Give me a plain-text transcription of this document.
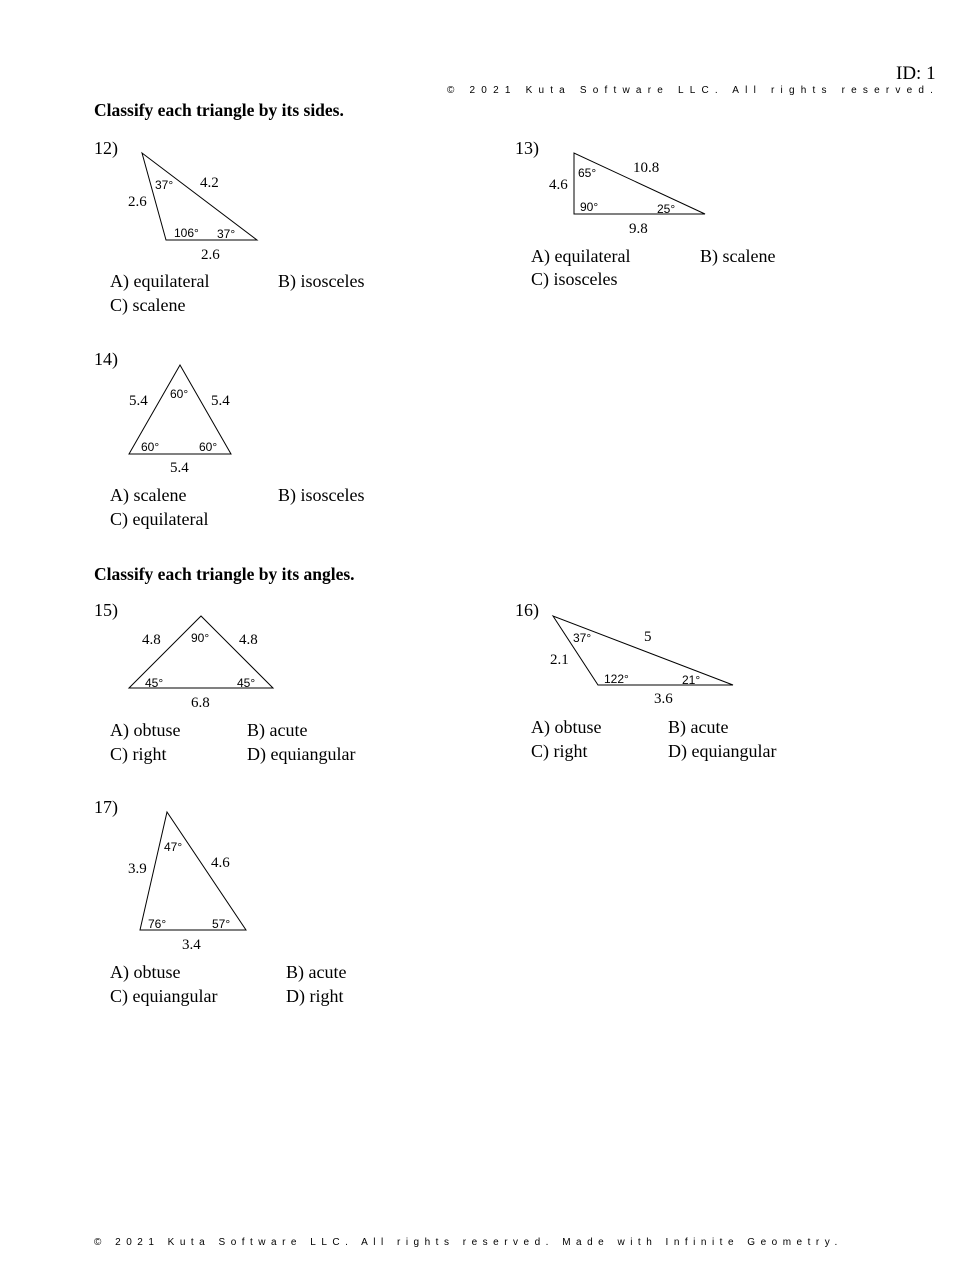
ID: 1
© 2021 Kuta Software LLC. All rights reserved.
Classify each triangle by its sides.
12)
2.6
4.2
2.6
37°
106° 37°
A) equilateral	B) isosceles
C) scalene
13)
4.6
10.8
9.8
65°
90°	25°
A) equilateral	B) scalene
C) isosceles
14)
5.4	5.4
5.4
60°
60°	60°
A) scalene	B) isosceles
C) equilateral
Classify each triangle by its angles.
15)
4.8	4.8
6.8
90°
45°	45°
A) obtuse	B) acute
C) right	D) equiangular
16)
2.1
5
3.6
37°
122°	21°
A) obtuse	B) acute
C) right	D) equiangular
17)
3.9	4.6
3.4
47°
76°	57°
A) obtuse	B) acute
C) equiangular	D) right
© 2021 Kuta Software LLC. All rights reserved. Made with Infinite Geometry.
